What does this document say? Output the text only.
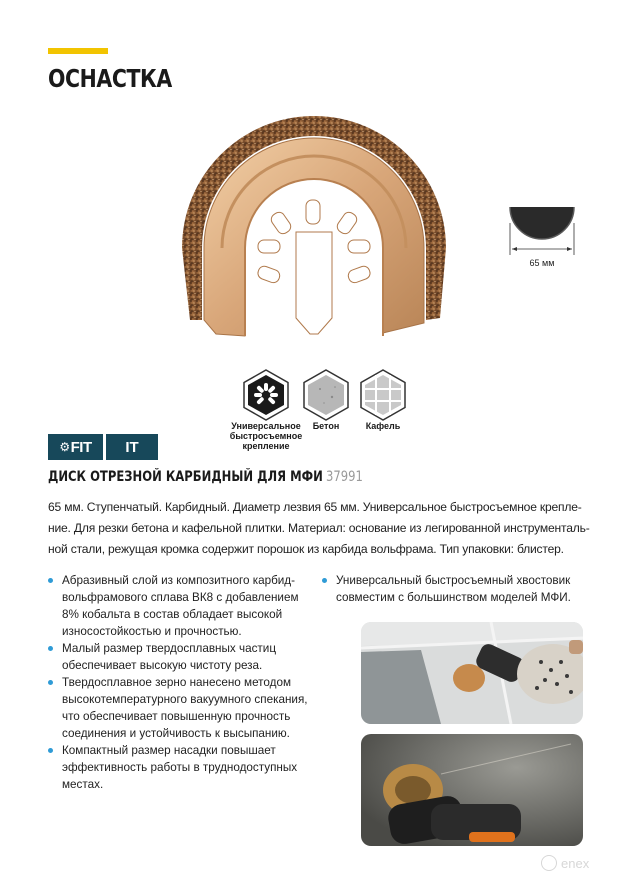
ОСНАСТКА
65 мм
Универсальное
быстросъемное
крепление
Бетон	Кафель
⚙ FIT	IT
ДИСК ОТРЕЗНОЙ КАРБИДНЫЙ ДЛЯ МФИ 37991
65 мм. Ступенчатый. Карбидный. Диаметр лезвия 65 мм. Универсальное быстросъемное крепле-
ние. Для резки бетона и кафельной плитки. Материал: основание из легированной инструменталь-
ной стали, режущая кромка содержит порошок из карбида вольфрама. Тип упаковки: блистер.
Абразивный слой из композитного карбид-
вольфрамового сплава ВК8 с добавлением
8% кобальта в состав обладает высокой
износостойкостью и прочностью.
Малый размер твердосплавных частиц
обеспечивает высокую чистоту реза.
Твердосплавное зерно нанесено методом
высокотемпературного вакуумного спекания,
что обеспечивает повышенную прочность
соединения и устойчивость к высыпанию.
Компактный размер насадки повышает
эффективность работы в труднодоступных
местах.
Универсальный быстросъемный хвостовик
совместим с большинством моделей МФИ.
enex
